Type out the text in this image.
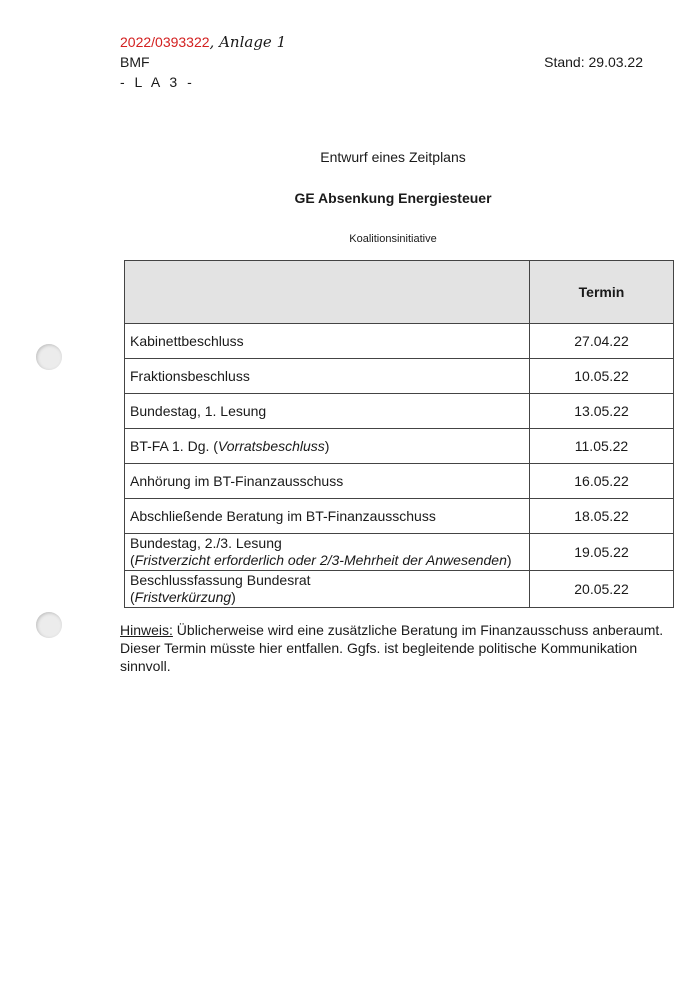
2022/0393322, Anlage 1
BMF
- L A 3 -
Stand: 29.03.22
Entwurf eines Zeitplans
GE Absenkung Energiesteuer
Koalitionsinitiative
	Termin
Kabinettbeschluss	27.04.22
Fraktionsbeschluss	10.05.22
Bundestag, 1. Lesung	13.05.22
BT-FA 1. Dg. (Vorratsbeschluss)	11.05.22
Anhörung im BT-Finanzausschuss	16.05.22
Abschließende Beratung im BT-Finanzausschuss	18.05.22
Bundestag, 2./3. Lesung
(Fristverzicht erforderlich oder 2/3-Mehrheit der Anwesenden)	19.05.22
Beschlussfassung Bundesrat
(Fristverkürzung)	20.05.22
Hinweis: Üblicherweise wird eine zusätzliche Beratung im Finanzausschuss anberaumt. Dieser Termin müsste hier entfallen. Ggfs. ist begleitende politische Kommunikation sinnvoll.
